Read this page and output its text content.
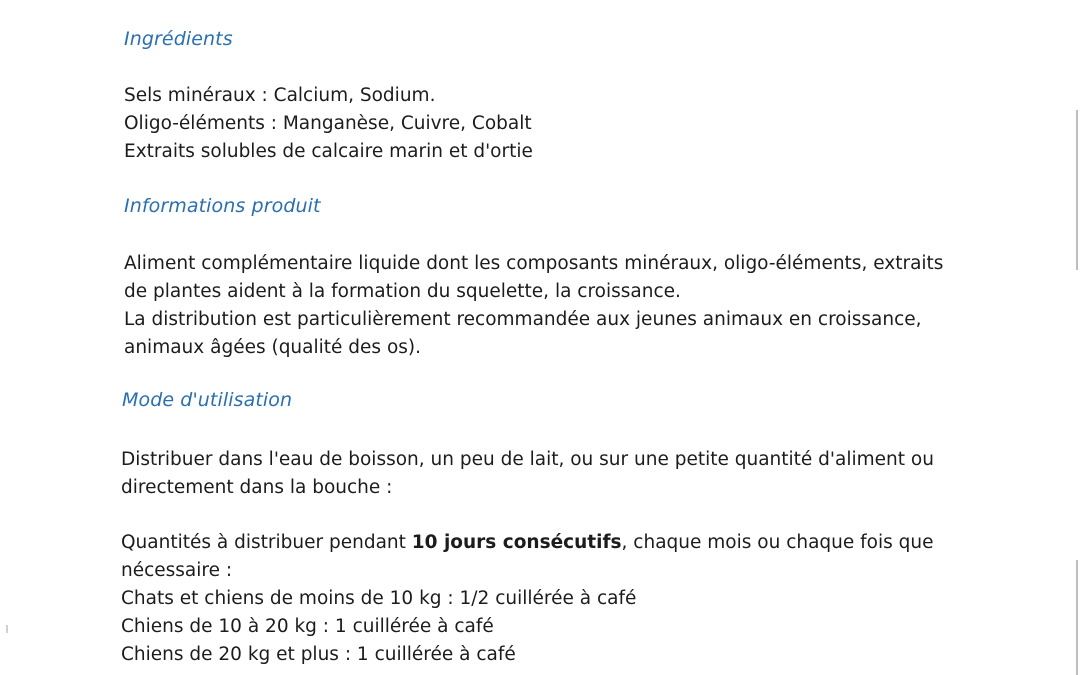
Ingrédients
Sels minéraux : Calcium, Sodium.
Oligo-éléments : Manganèse, Cuivre, Cobalt
Extraits solubles de calcaire marin et d'ortie
Informations produit
Aliment complémentaire liquide dont les composants minéraux, oligo-éléments, extraits
de plantes aident à la formation du squelette, la croissance.
La distribution est particulièrement recommandée aux jeunes animaux en croissance,
animaux âgées (qualité des os).
Mode d'utilisation
Distribuer dans l'eau de boisson, un peu de lait, ou sur une petite quantité d'aliment ou
directement dans la bouche :
Quantités à distribuer pendant 10 jours consécutifs, chaque mois ou chaque fois que
nécessaire :
Chats et chiens de moins de 10 kg : 1/2 cuillérée à café
Chiens de 10 à 20 kg : 1 cuillérée à café
Chiens de 20 kg et plus : 1 cuillérée à café
